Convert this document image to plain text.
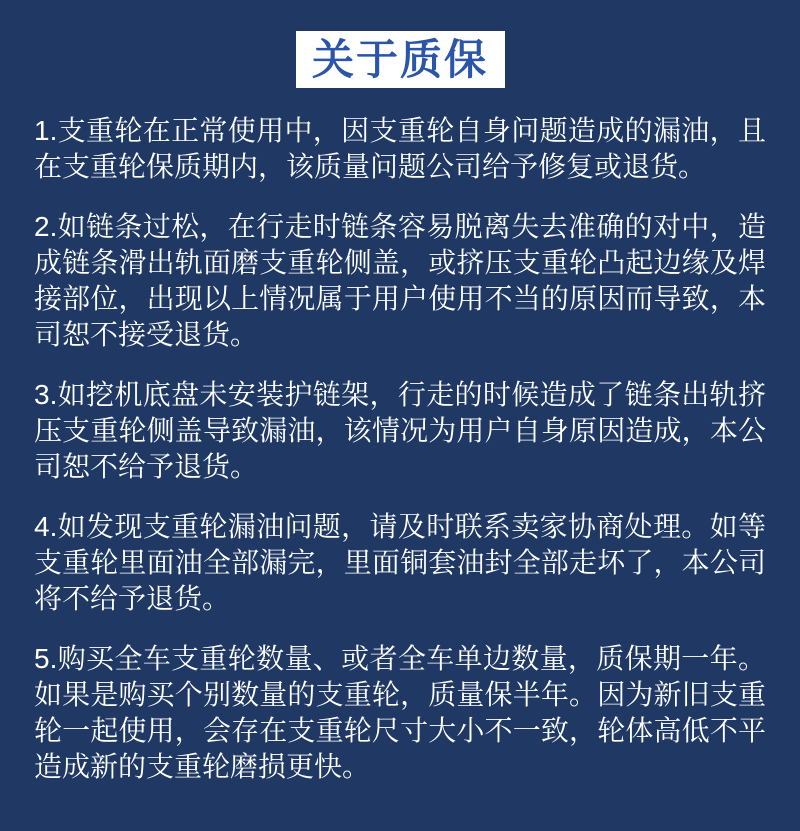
关于质保

1.支重轮在正常使用中，因支重轮自身问题造成的漏油，且在支重轮保质期内，该质量问题公司给予修复或退货。

2.如链条过松，在行走时链条容易脱离失去准确的对中，造成链条滑出轨面磨支重轮侧盖，或挤压支重轮凸起边缘及焊接部位，出现以上情况属于用户使用不当的原因而导致，本司恕不接受退货。

3.如挖机底盘未安装护链架，行走的时候造成了链条出轨挤压支重轮侧盖导致漏油，该情况为用户自身原因造成，本公司恕不给予退货。

4.如发现支重轮漏油问题，请及时联系卖家协商处理。如等支重轮里面油全部漏完，里面铜套油封全部走坏了，本公司将不给予退货。

5.购买全车支重轮数量、或者全车单边数量，质保期一年。如果是购买个别数量的支重轮，质量保半年。因为新旧支重轮一起使用，会存在支重轮尺寸大小不一致，轮体高低不平造成新的支重轮磨损更快。
